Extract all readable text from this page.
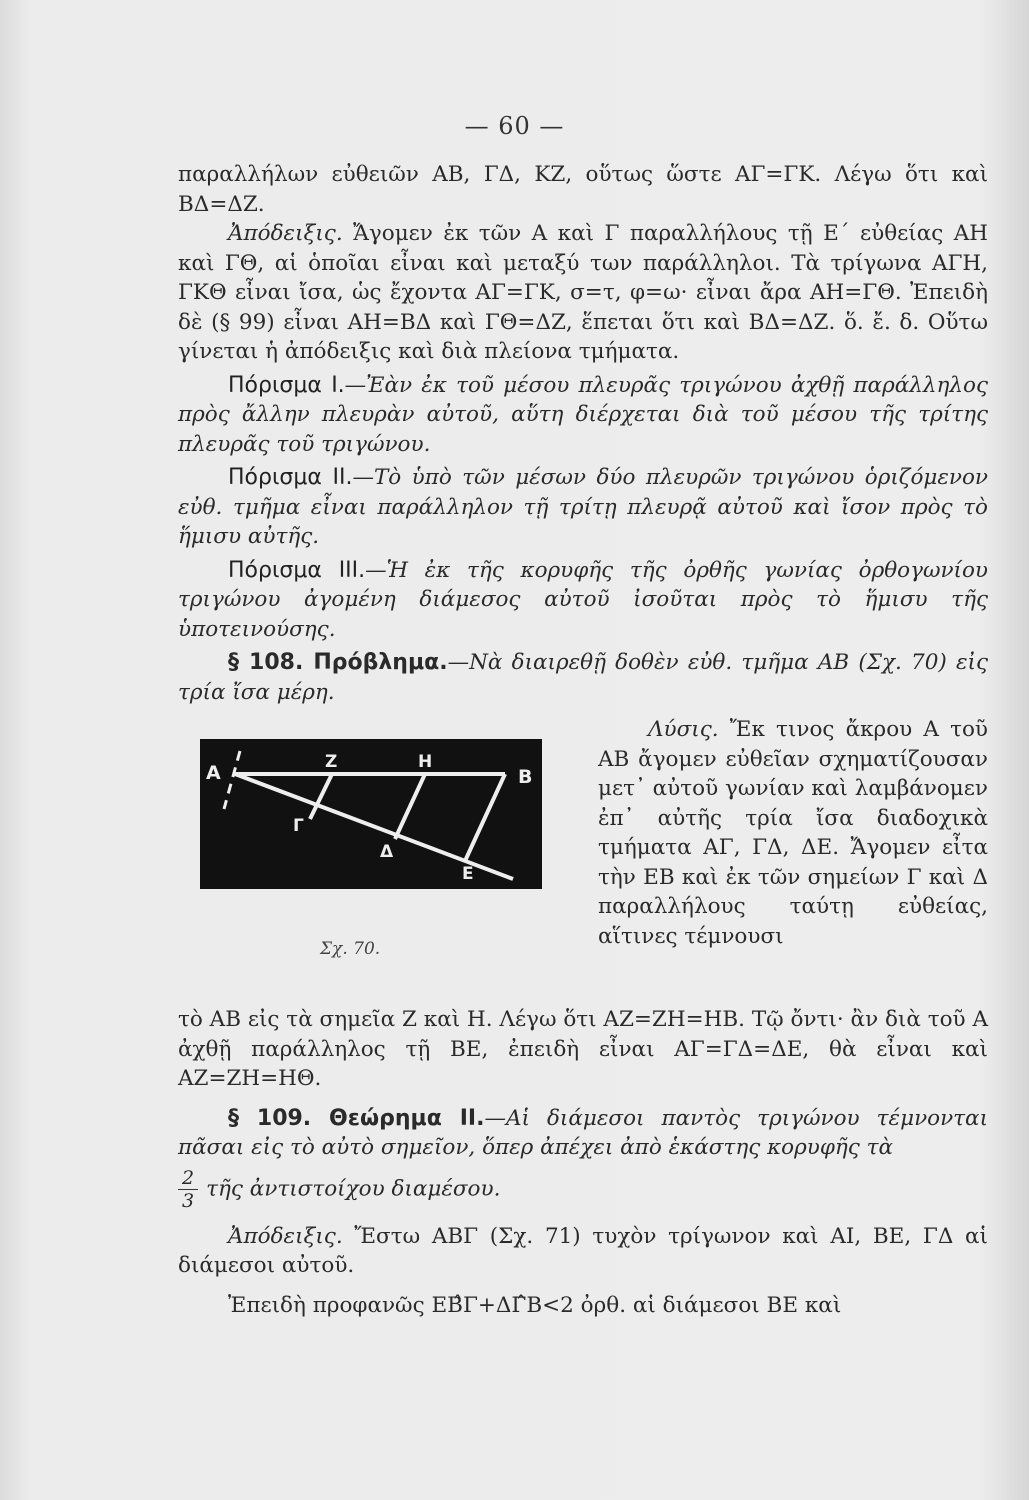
— 60 —

παραλλήλων εὐθειῶν ΑΒ, ΓΔ, ΚΖ, οὕτως ὥστε ΑΓ=ΓΚ. Λέγω ὅτι καὶ ΒΔ=ΔΖ.

Ἀπόδειξις. Ἄγομεν ἐκ τῶν Α καὶ Γ παραλλήλους τῇ Ε΄ εὐθείας ΑΗ καὶ ΓΘ, αἱ ὁποῖαι εἶναι καὶ μεταξύ των παράλληλοι. Τὰ τρίγωνα ΑΓΗ, ΓΚΘ εἶναι ἴσα, ὡς ἔχοντα ΑΓ=ΓΚ, σ=τ, φ=ω· εἶναι ἄρα ΑΗ=ΓΘ. Ἐπειδὴ δὲ (§ 99) εἶναι ΑΗ=ΒΔ καὶ ΓΘ=ΔΖ, ἕπεται ὅτι καὶ ΒΔ=ΔΖ. ὅ. ἔ. δ. Οὕτω γίνεται ἡ ἀπόδειξις καὶ διὰ πλείονα τμήματα.

Πόρισμα Ι.—Ἐὰν ἐκ τοῦ μέσου πλευρᾶς τριγώνου ἀχθῇ παράλληλος πρὸς ἄλλην πλευρὰν αὐτοῦ, αὕτη διέρχεται διὰ τοῦ μέσου τῆς τρίτης πλευρᾶς τοῦ τριγώνου.

Πόρισμα ΙΙ.—Τὸ ὑπὸ τῶν μέσων δύο πλευρῶν τριγώνου ὁριζόμενον εὐθ. τμῆμα εἶναι παράλληλον τῇ τρίτῃ πλευρᾷ αὐτοῦ καὶ ἴσον πρὸς τὸ ἥμισυ αὐτῆς.

Πόρισμα ΙΙΙ.—Ἡ ἐκ τῆς κορυφῆς τῆς ὀρθῆς γωνίας ὀρθογωνίου τριγώνου ἀγομένη διάμεσος αὐτοῦ ἰσοῦται πρὸς τὸ ἥμισυ τῆς ὑποτεινούσης.

§ 108. Πρόβλημα.—Νὰ διαιρεθῇ δοθὲν εὐθ. τμῆμα ΑΒ (Σχ. 70) εἰς τρία ἴσα μέρη.

A	Z	H
B
Γ
Δ
E
Σχ. 70.

Λύσις. Ἔκ τινος ἄκρου Α τοῦ ΑΒ ἄγομεν εὐθεῖαν σχηματίζουσαν μετ᾽ αὐτοῦ γωνίαν καὶ λαμβάνομεν ἐπ᾽ αὐτῆς τρία ἴσα διαδοχικὰ τμήματα ΑΓ, ΓΔ, ΔΕ. Ἄγομεν εἶτα τὴν ΕΒ καὶ ἐκ τῶν σημείων Γ καὶ Δ παραλλήλους ταύτῃ εὐθείας, αἵτινες τέμνουσι

τὸ ΑΒ εἰς τὰ σημεῖα Ζ καὶ Η. Λέγω ὅτι ΑΖ=ΖΗ=ΗΒ. Τῷ ὄντι· ἂν διὰ τοῦ Α ἀχθῇ παράλληλος τῇ ΒΕ, ἐπειδὴ εἶναι ΑΓ=ΓΔ=ΔΕ, θὰ εἶναι καὶ ΑΖ=ΖΗ=ΗΘ.

§ 109. Θεώρημα ΙΙ.—Αἱ διάμεσοι παντὸς τριγώνου τέμνονται πᾶσαι εἰς τὸ αὐτὸ σημεῖον, ὅπερ ἀπέχει ἀπὸ ἑκάστης κορυφῆς τὰ

$\frac{2}{3}$ τῆς ἀντιστοίχου διαμέσου.

Ἀπόδειξις. Ἔστω ΑΒΓ (Σχ. 71) τυχὸν τρίγωνον καὶ ΑΙ, ΒΕ, ΓΔ αἱ διάμεσοι αὐτοῦ.

Ἐπειδὴ προφανῶς ΕΒ̂Γ+ΔΓ̂Β<2 ὀρθ. αἱ διάμεσοι ΒΕ καὶ
